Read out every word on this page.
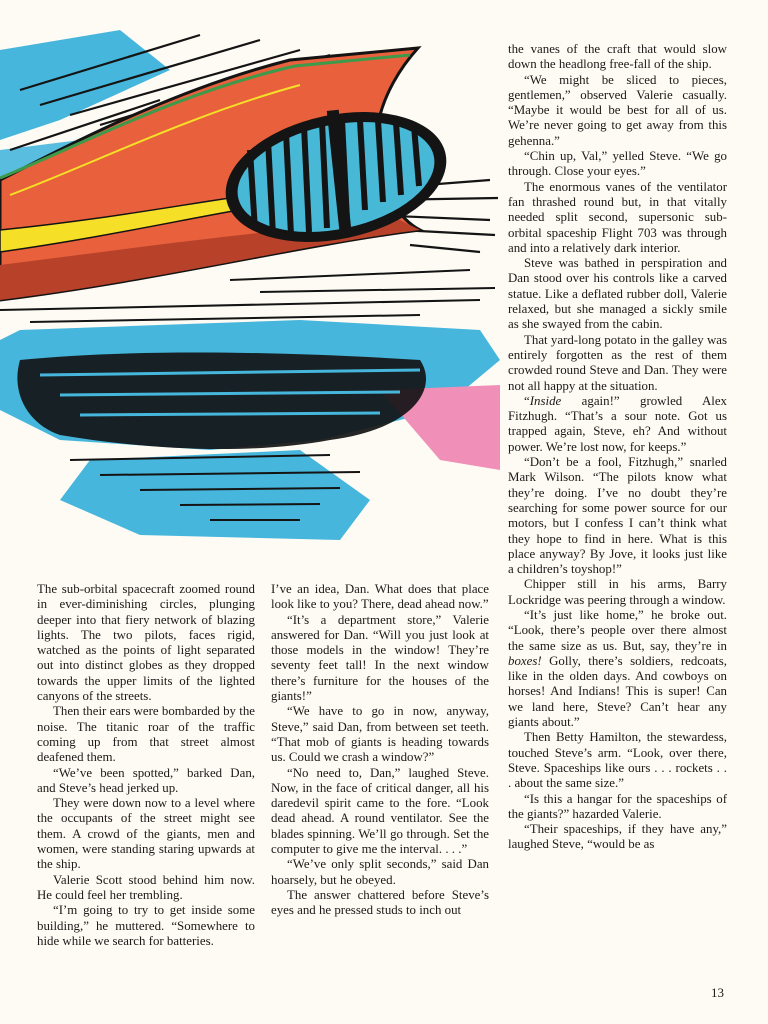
The sub-orbital spacecraft zoomed round in ever-diminishing circles, plunging deeper into that fiery network of blazing lights. The two pilots, faces rigid, watched as the points of light separated out into distinct globes as they dropped towards the upper limits of the lighted canyons of the streets.

Then their ears were bombarded by the noise. The titanic roar of the traffic coming up from that street almost deafened them.

“We’ve been spotted,” barked Dan, and Steve’s head jerked up.

They were down now to a level where the occupants of the street might see them. A crowd of the giants, men and women, were standing staring upwards at the ship.

Valerie Scott stood behind him now. He could feel her trembling.

“I’m going to try to get inside some building,” he muttered. “Somewhere to hide while we search for batteries.

I’ve an idea, Dan. What does that place look like to you? There, dead ahead now.”

“It’s a department store,” Valerie answered for Dan. “Will you just look at those models in the window! They’re seventy feet tall! In the next window there’s furniture for the houses of the giants!”

“We have to go in now, anyway, Steve,” said Dan, from between set teeth. “That mob of giants is heading towards us. Could we crash a window?”

“No need to, Dan,” laughed Steve. Now, in the face of critical danger, all his daredevil spirit came to the fore. “Look dead ahead. A round ventilator. See the blades spinning. We’ll go through. Set the computer to give me the interval. . . .”

“We’ve only split seconds,” said Dan hoarsely, but he obeyed.

The answer chattered before Steve’s eyes and he pressed studs to inch out

the vanes of the craft that would slow down the headlong free-fall of the ship.

“We might be sliced to pieces, gentlemen,” observed Valerie casually. “Maybe it would be best for all of us. We’re never going to get away from this gehenna.”

“Chin up, Val,” yelled Steve. “We go through. Close your eyes.”

The enormous vanes of the ventilator fan thrashed round but, in that vitally needed split second, supersonic sub-orbital spaceship Flight 703 was through and into a relatively dark interior.

Steve was bathed in perspiration and Dan stood over his controls like a carved statue. Like a deflated rubber doll, Valerie relaxed, but she managed a sickly smile as she swayed from the cabin.

That yard-long potato in the galley was entirely forgotten as the rest of them crowded round Steve and Dan. They were not all happy at the situation.

“Inside again!” growled Alex Fitzhugh. “That’s a sour note. Got us trapped again, Steve, eh? And without power. We’re lost now, for keeps.”

“Don’t be a fool, Fitzhugh,” snarled Mark Wilson. “The pilots know what they’re doing. I’ve no doubt they’re searching for some power source for our motors, but I confess I can’t think what they hope to find in here. What is this place anyway? By Jove, it looks just like a children’s toyshop!”

Chipper still in his arms, Barry Lockridge was peering through a window.

“It’s just like home,” he broke out. “Look, there’s people over there almost the same size as us. But, say, they’re in boxes! Golly, there’s soldiers, redcoats, like in the olden days. And cowboys on horses! And Indians! This is super! Can we land here, Steve? Can’t hear any giants about.”

Then Betty Hamilton, the stewardess, touched Steve’s arm. “Look, over there, Steve. Spaceships like ours . . . rockets . . . about the same size.”

“Is this a hangar for the spaceships of the giants?” hazarded Valerie.

“Their spaceships, if they have any,” laughed Steve, “would be as

13
